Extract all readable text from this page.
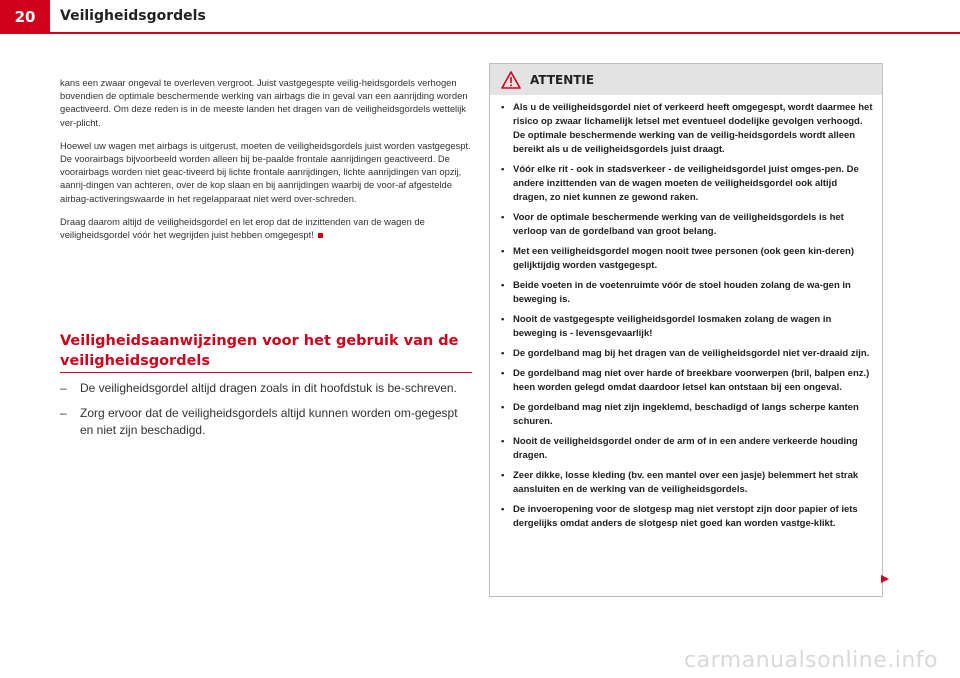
20 Veiligheidsgordels

kans een zwaar ongeval te overleven vergroot. Juist vastgegespte veilig-heidsgordels verhogen bovendien de optimale beschermende werking van airbags die in geval van een aanrijding worden geactiveerd. Om deze reden is in de meeste landen het dragen van de veiligheidsgordels wettelijk ver-plicht.

Hoewel uw wagen met airbags is uitgerust, moeten de veiligheidsgordels juist worden vastgegespt. De voorairbags bijvoorbeeld worden alleen bij be-paalde frontale aanrijdingen geactiveerd. De voorairbags worden niet geac-tiveerd bij lichte frontale aanrijdingen, lichte aanrijdingen van opzij, aanrij-dingen van achteren, over de kop slaan en bij aanrijdingen waarbij de voor-af afgestelde airbag-activeringswaarde in het regelapparaat niet werd over-schreden.

Draag daarom altijd de veiligheidsgordel en let erop dat de inzittenden van de wagen de veiligheidsgordel vóór het wegrijden juist hebben omgegespt!

Veiligheidsaanwijzingen voor het gebruik van de veiligheidsgordels
– De veiligheidsgordel altijd dragen zoals in dit hoofdstuk is be-schreven.
– Zorg ervoor dat de veiligheidsgordels altijd kunnen worden om-gegespt en niet zijn beschadigd.
ATTENTIE
• Als u de veiligheidsgordel niet of verkeerd heeft omgegespt, wordt daarmee het risico op zwaar lichamelijk letsel met eventueel dodelijke gevolgen verhoogd. De optimale beschermende werking van de veilig-heidsgordels wordt alleen bereikt als u de veiligheidsgordels juist draagt.
• Vóór elke rit - ook in stadsverkeer - de veiligheidsgordel juist omges-pen. De andere inzittenden van de wagen moeten de veiligheidsgordel ook altijd dragen, zo niet kunnen ze gewond raken.
• Voor de optimale beschermende werking van de veiligheidsgordels is het verloop van de gordelband van groot belang.
• Met een veiligheidsgordel mogen nooit twee personen (ook geen kin-deren) gelijktijdig worden vastgegespt.
• Beide voeten in de voetenruimte vóór de stoel houden zolang de wa-gen in beweging is.
• Nooit de vastgegespte veiligheidsgordel losmaken zolang de wagen in beweging is - levensgevaarlijk!
• De gordelband mag bij het dragen van de veiligheidsgordel niet ver-draaid zijn.
• De gordelband mag niet over harde of breekbare voorwerpen (bril, balpen enz.) heen worden gelegd omdat daardoor letsel kan ontstaan bij een ongeval.
• De gordelband mag niet zijn ingeklemd, beschadigd of langs scherpe kanten schuren.
• Nooit de veiligheidsgordel onder de arm of in een andere verkeerde houding dragen.
• Zeer dikke, losse kleding (bv. een mantel over een jasje) belemmert het strak aansluiten en de werking van de veiligheidsgordels.
• De invoeropening voor de slotgesp mag niet verstopt zijn door papier of iets dergelijks omdat anders de slotgesp niet goed kan worden vastge-klikt.
carmanualsonline.info
